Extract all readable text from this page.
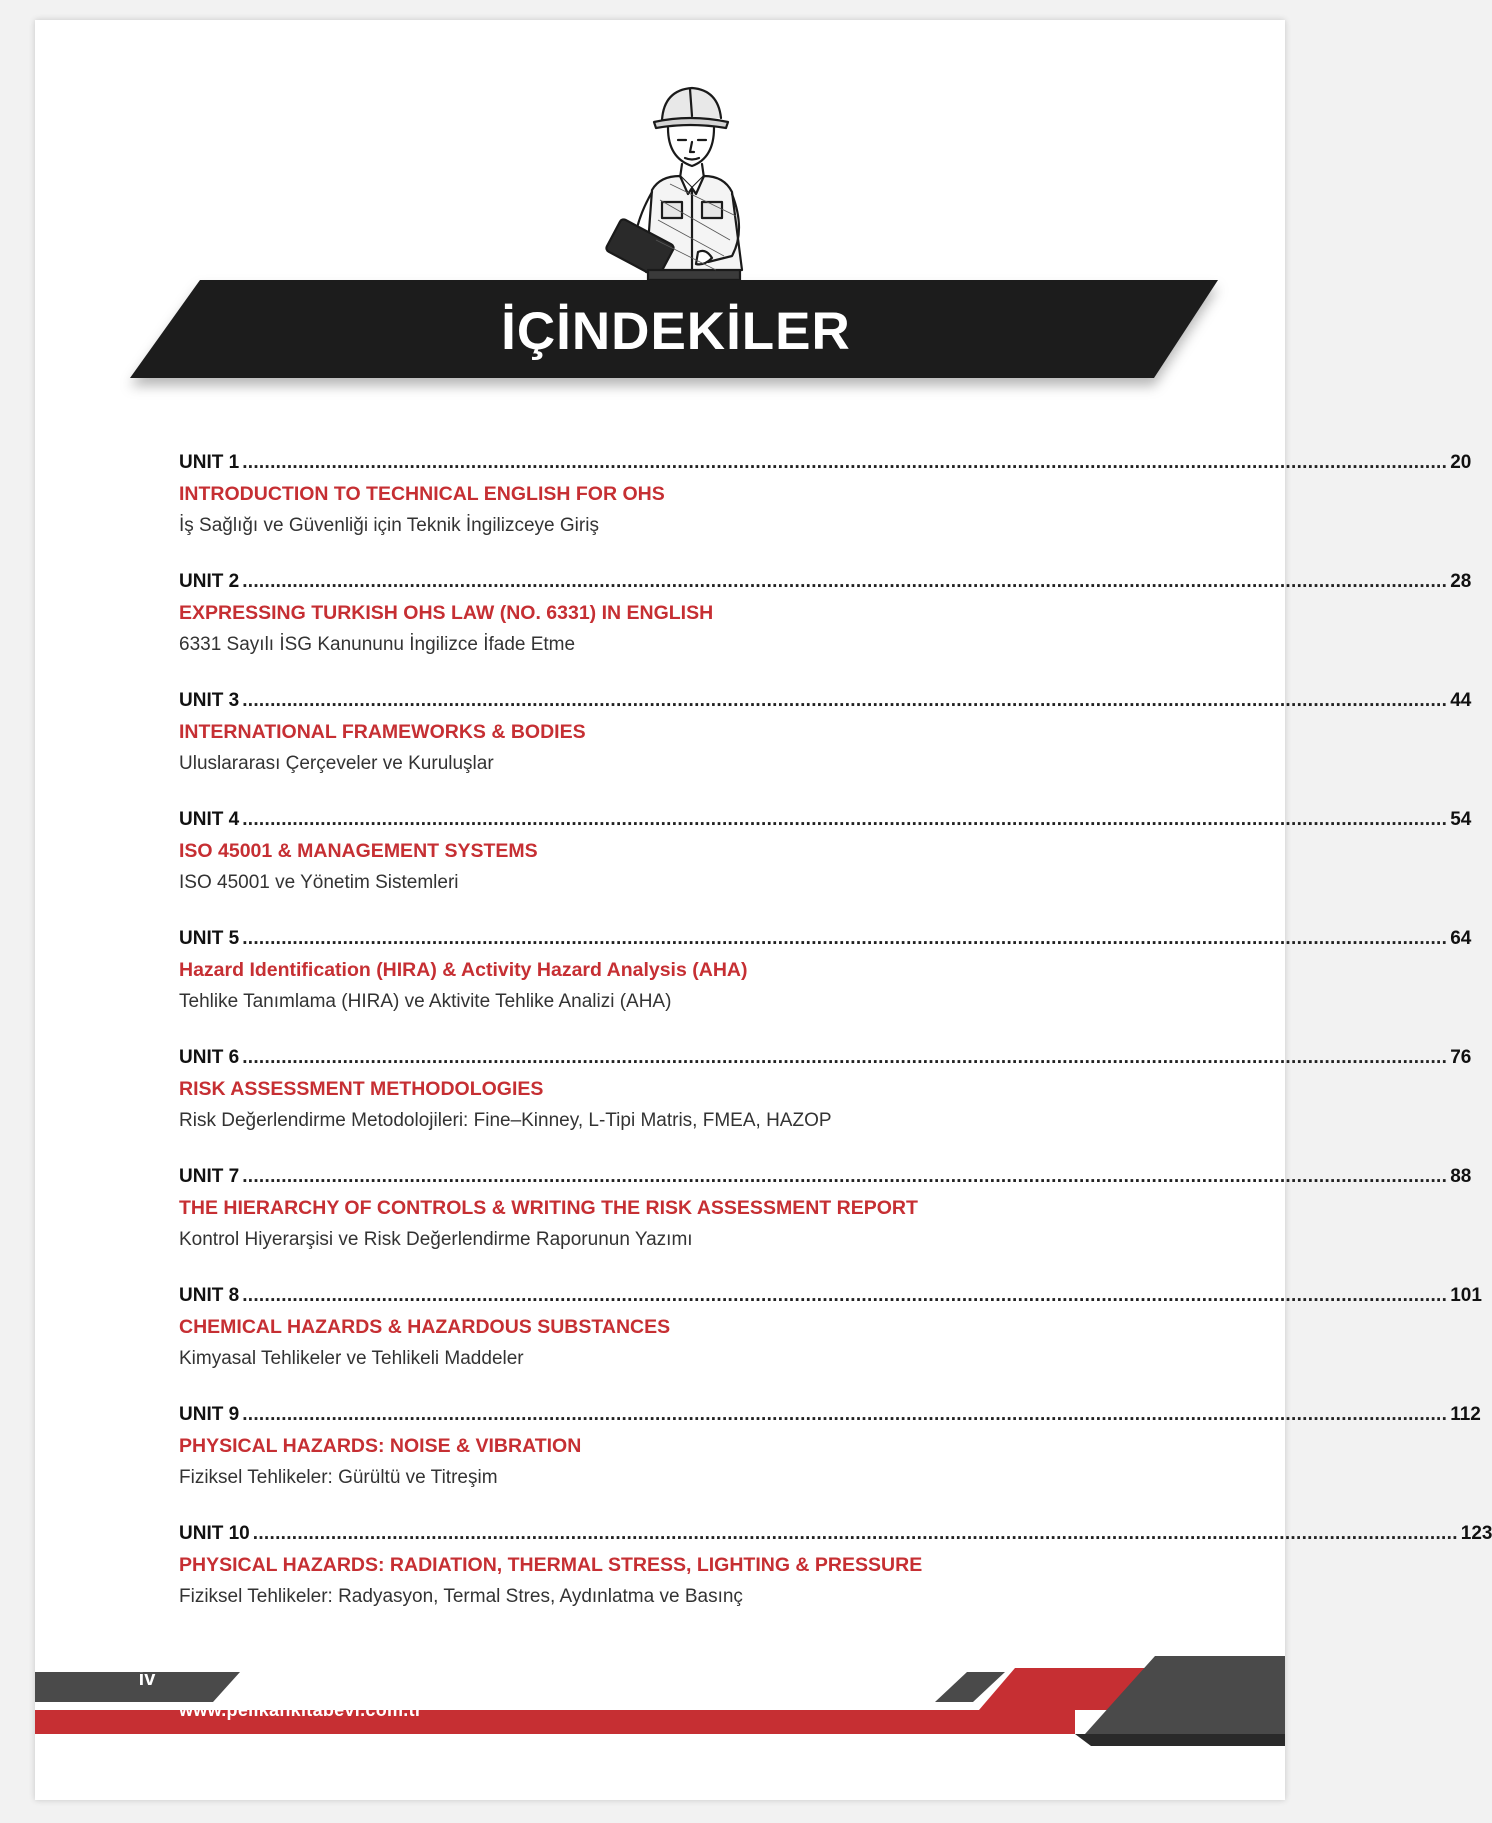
İÇİNDEKİLER
UNIT 1 ........................................................................................................................................................................................................................ 20
INTRODUCTION TO TECHNICAL ENGLISH FOR OHS
İş Sağlığı ve Güvenliği için Teknik İngilizceye Giriş
UNIT 2 ........................................................................................................................................................................................................................ 28
EXPRESSING TURKISH OHS LAW (NO. 6331) IN ENGLISH
6331 Sayılı İSG Kanununu İngilizce İfade Etme
UNIT 3 ........................................................................................................................................................................................................................ 44
INTERNATIONAL FRAMEWORKS & BODIES
Uluslararası Çerçeveler ve Kuruluşlar
UNIT 4 ........................................................................................................................................................................................................................ 54
ISO 45001 & MANAGEMENT SYSTEMS
ISO 45001 ve Yönetim Sistemleri
UNIT 5 ........................................................................................................................................................................................................................ 64
Hazard Identification (HIRA) & Activity Hazard Analysis (AHA)
Tehlike Tanımlama (HIRA) ve Aktivite Tehlike Analizi (AHA)
UNIT 6 ........................................................................................................................................................................................................................ 76
RISK ASSESSMENT METHODOLOGIES
Risk Değerlendirme Metodolojileri: Fine–Kinney, L-Tipi Matris, FMEA, HAZOP
UNIT 7 ........................................................................................................................................................................................................................ 88
THE HIERARCHY OF CONTROLS & WRITING THE RISK ASSESSMENT REPORT
Kontrol Hiyerarşisi ve Risk Değerlendirme Raporunun Yazımı
UNIT 8 ........................................................................................................................................................................................................................ 101
CHEMICAL HAZARDS & HAZARDOUS SUBSTANCES
Kimyasal Tehlikeler ve Tehlikeli Maddeler
UNIT 9 ........................................................................................................................................................................................................................ 112
PHYSICAL HAZARDS: NOISE & VIBRATION
Fiziksel Tehlikeler: Gürültü ve Titreşim
UNIT 10 ........................................................................................................................................................................................................................ 123
PHYSICAL HAZARDS: RADIATION, THERMAL STRESS, LIGHTING & PRESSURE
Fiziksel Tehlikeler: Radyasyon, Termal Stres, Aydınlatma ve Basınç
iv
www.pelikankitabevi.com.tr
